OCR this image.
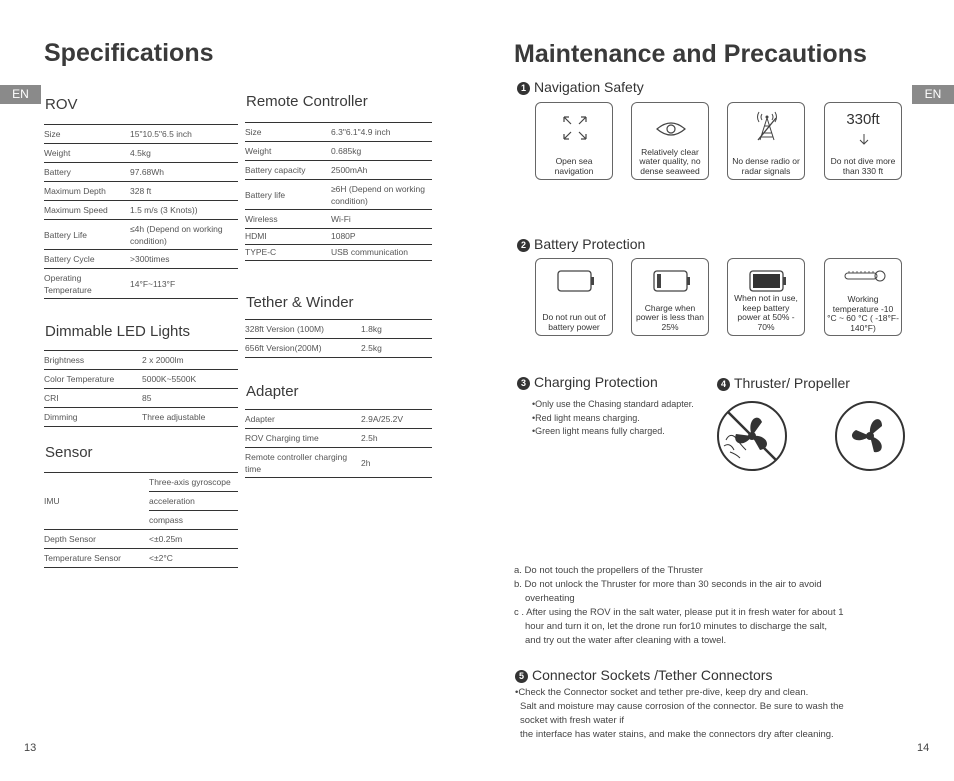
Specifications
EN
ROV
Size	15"10.5"6.5 inch
Weight	4.5kg
Battery	97.68Wh
Maximum Depth	328 ft
Maximum Speed	1.5 m/s (3 Knots))
Battery Life	≤4h (Depend on working condition)
Battery Cycle	>300times
Operating Temperature	14°F~113°F
Dimmable LED Lights
Brightness	2 x 2000lm
Color Temperature	5000K~5500K
CRI	85
Dimming	Three adjustable
Sensor
IMU	Three-axis gyroscope
acceleration
compass

Depth Sensor	<±0.25m
Temperature Sensor	<±2°C
Remote Controller
Size	6.3"6.1"4.9 inch
Weight	0.685kg
Battery capacity	2500mAh
Battery life	≥6H (Depend on working condition)
Wireless	Wi-Fi
HDMI	1080P
TYPE-C	USB communication
Tether & Winder
328ft Version (100M)	1.8kg
656ft Version(200M)	2.5kg
Adapter
Adapter	2.9A/25.2V
ROV Charging time	2.5h
Remote controller charging time	2h
13
Maintenance and Precautions
EN
1 Navigation Safety
Open sea navigation
Relatively clear water quality, no dense seaweed
No dense radio or radar signals
330ft
Do not dive more than 330 ft
2 Battery Protection
Do not run out of battery power
Charge when power is less than 25%
When not in use, keep battery power at 50% - 70%
Working temperature -10 °C ~ 60 °C ( -18°F-140°F)
3 Charging Protection
•Only use the Chasing standard adapter.
•Red light means charging.
•Green light means fully charged.
4 Thruster/ Propeller
a. Do not touch the propellers of the Thruster
b. Do not unlock the Thruster for more than 30 seconds in the air to avoid
overheating
c . After using the ROV in the salt water, please put it in fresh water for about 1
hour and turn it on, let the drone run for10 minutes to discharge the salt,
and try out the water after cleaning with a towel.
5 Connector Sockets /Tether Connectors
•Check the Connector socket and tether pre-dive, keep dry and clean.
Salt and moisture may cause corrosion of the connector. Be sure to wash the
socket with fresh water if
the interface has water stains, and make the connectors dry after cleaning.
14
